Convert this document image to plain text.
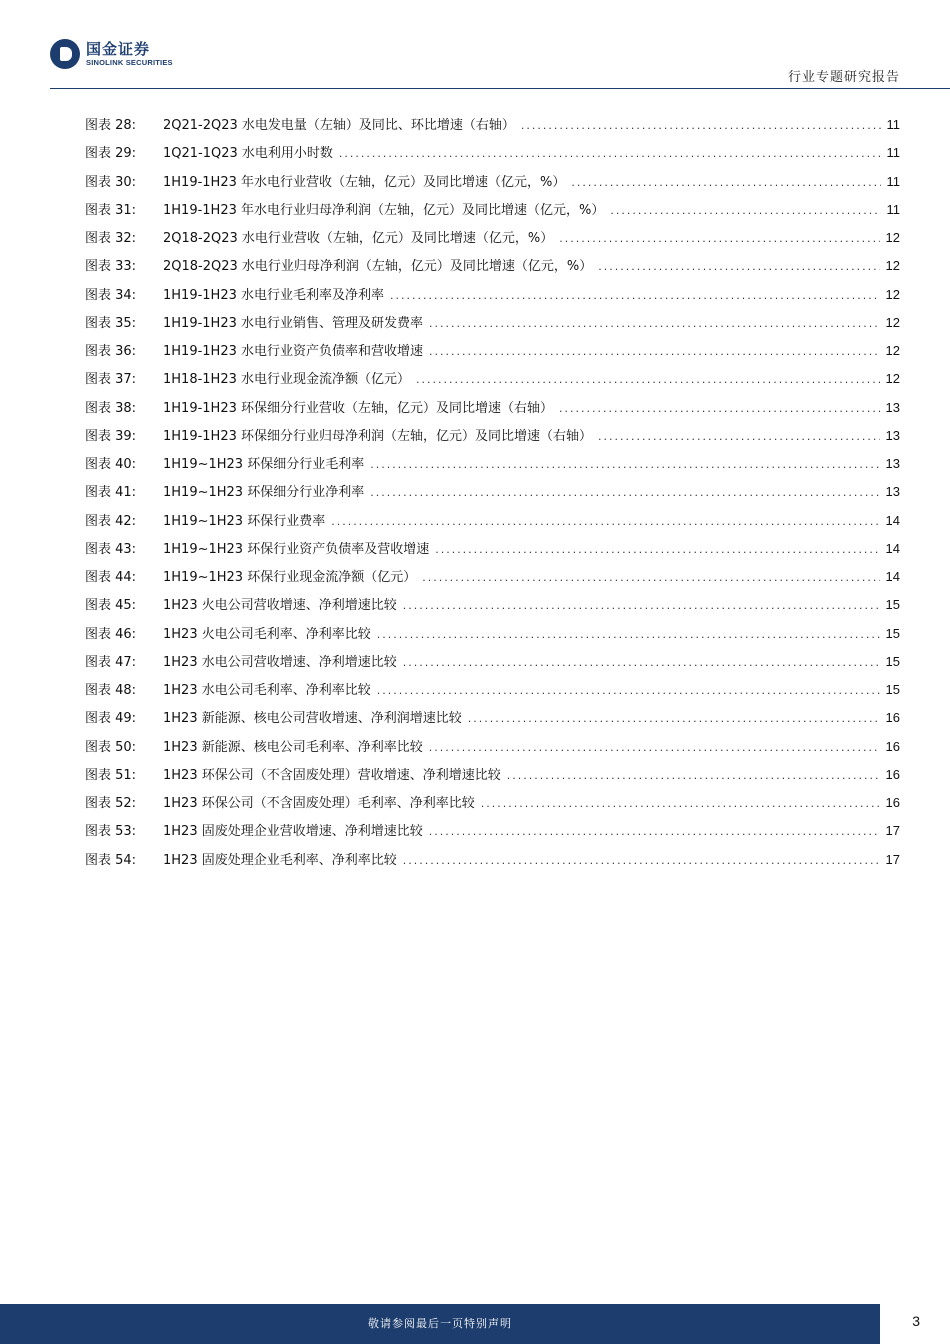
国金证券
SINOLINK SECURITIES
行业专题研究报告
图表 28:	2Q21-2Q23 水电发电量（左轴）及同比、环比增速（右轴） .....	11
图表 29:	1Q21-1Q23 水电利用小时数 .....	11
图表 30:	1H19-1H23 年水电行业营收（左轴，亿元）及同比增速（亿元，%） .....	11
图表 31:	1H19-1H23 年水电行业归母净利润（左轴，亿元）及同比增速（亿元，%） .....	11
图表 32:	2Q18-2Q23 水电行业营收（左轴，亿元）及同比增速（亿元，%） .....	12
图表 33:	2Q18-2Q23 水电行业归母净利润（左轴，亿元）及同比增速（亿元，%） .....	12
图表 34:	1H19-1H23 水电行业毛利率及净利率 .....	12
图表 35:	1H19-1H23 水电行业销售、管理及研发费率 .....	12
图表 36:	1H19-1H23 水电行业资产负债率和营收增速 .....	12
图表 37:	1H18-1H23 水电行业现金流净额（亿元） .....	12
图表 38:	1H19-1H23 环保细分行业营收（左轴，亿元）及同比增速（右轴） .....	13
图表 39:	1H19-1H23 环保细分行业归母净利润（左轴，亿元）及同比增速（右轴） .....	13
图表 40:	1H19~1H23 环保细分行业毛利率 .....	13
图表 41:	1H19~1H23 环保细分行业净利率 .....	13
图表 42:	1H19~1H23 环保行业费率 .....	14
图表 43:	1H19~1H23 环保行业资产负债率及营收增速 .....	14
图表 44:	1H19~1H23 环保行业现金流净额（亿元） .....	14
图表 45:	1H23 火电公司营收增速、净利增速比较 .....	15
图表 46:	1H23 火电公司毛利率、净利率比较 .....	15
图表 47:	1H23 水电公司营收增速、净利增速比较 .....	15
图表 48:	1H23 水电公司毛利率、净利率比较 .....	15
图表 49:	1H23 新能源、核电公司营收增速、净利润增速比较 .....	16
图表 50:	1H23 新能源、核电公司毛利率、净利率比较 .....	16
图表 51:	1H23 环保公司（不含固废处理）营收增速、净利增速比较 .....	16
图表 52:	1H23 环保公司（不含固废处理）毛利率、净利率比较 .....	16
图表 53:	1H23 固废处理企业营收增速、净利增速比较 .....	17
图表 54:	1H23 固废处理企业毛利率、净利率比较 .....	17
敬请参阅最后一页特别声明	3
